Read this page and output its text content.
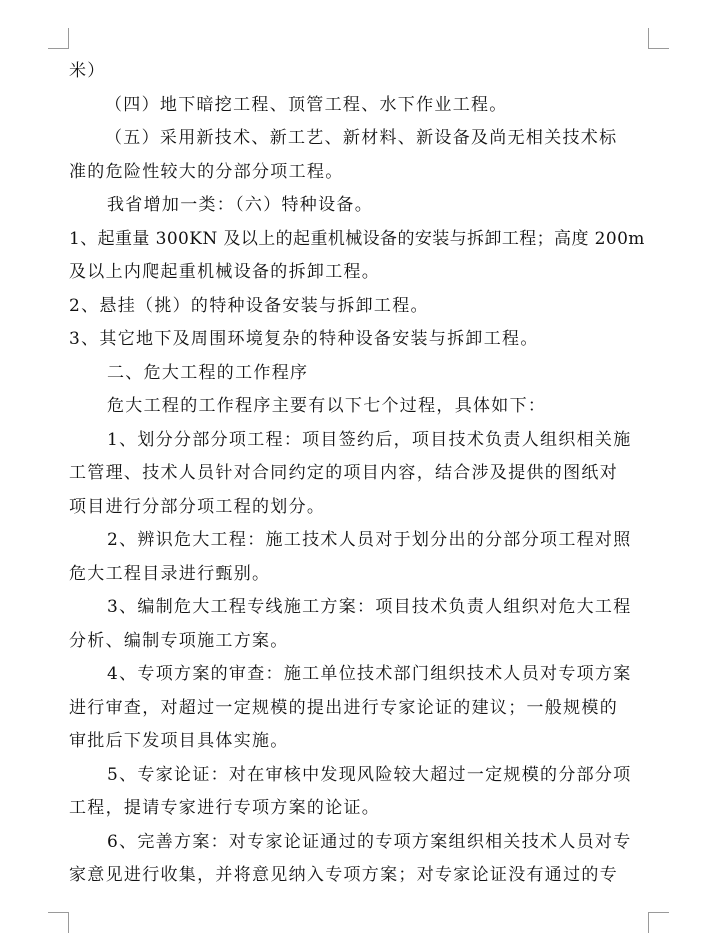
米）
（四）地下暗挖工程、顶管工程、水下作业工程。
（五）采用新技术、新工艺、新材料、新设备及尚无相关技术标
准的危险性较大的分部分项工程。
我省增加一类：（六）特种设备。
1、起重量 300KN 及以上的起重机械设备的安装与拆卸工程；高度 200m
及以上内爬起重机械设备的拆卸工程。
2、悬挂（挑）的特种设备安装与拆卸工程。
3、其它地下及周围环境复杂的特种设备安装与拆卸工程。
二、危大工程的工作程序
危大工程的工作程序主要有以下七个过程，具体如下：
1、划分分部分项工程：项目签约后，项目技术负责人组织相关施
工管理、技术人员针对合同约定的项目内容，结合涉及提供的图纸对
项目进行分部分项工程的划分。
2、辨识危大工程：施工技术人员对于划分出的分部分项工程对照
危大工程目录进行甄别。
3、编制危大工程专线施工方案：项目技术负责人组织对危大工程
分析、编制专项施工方案。
4、专项方案的审查：施工单位技术部门组织技术人员对专项方案
进行审查，对超过一定规模的提出进行专家论证的建议；一般规模的
审批后下发项目具体实施。
5、专家论证：对在审核中发现风险较大超过一定规模的分部分项
工程，提请专家进行专项方案的论证。
6、完善方案：对专家论证通过的专项方案组织相关技术人员对专
家意见进行收集，并将意见纳入专项方案；对专家论证没有通过的专
